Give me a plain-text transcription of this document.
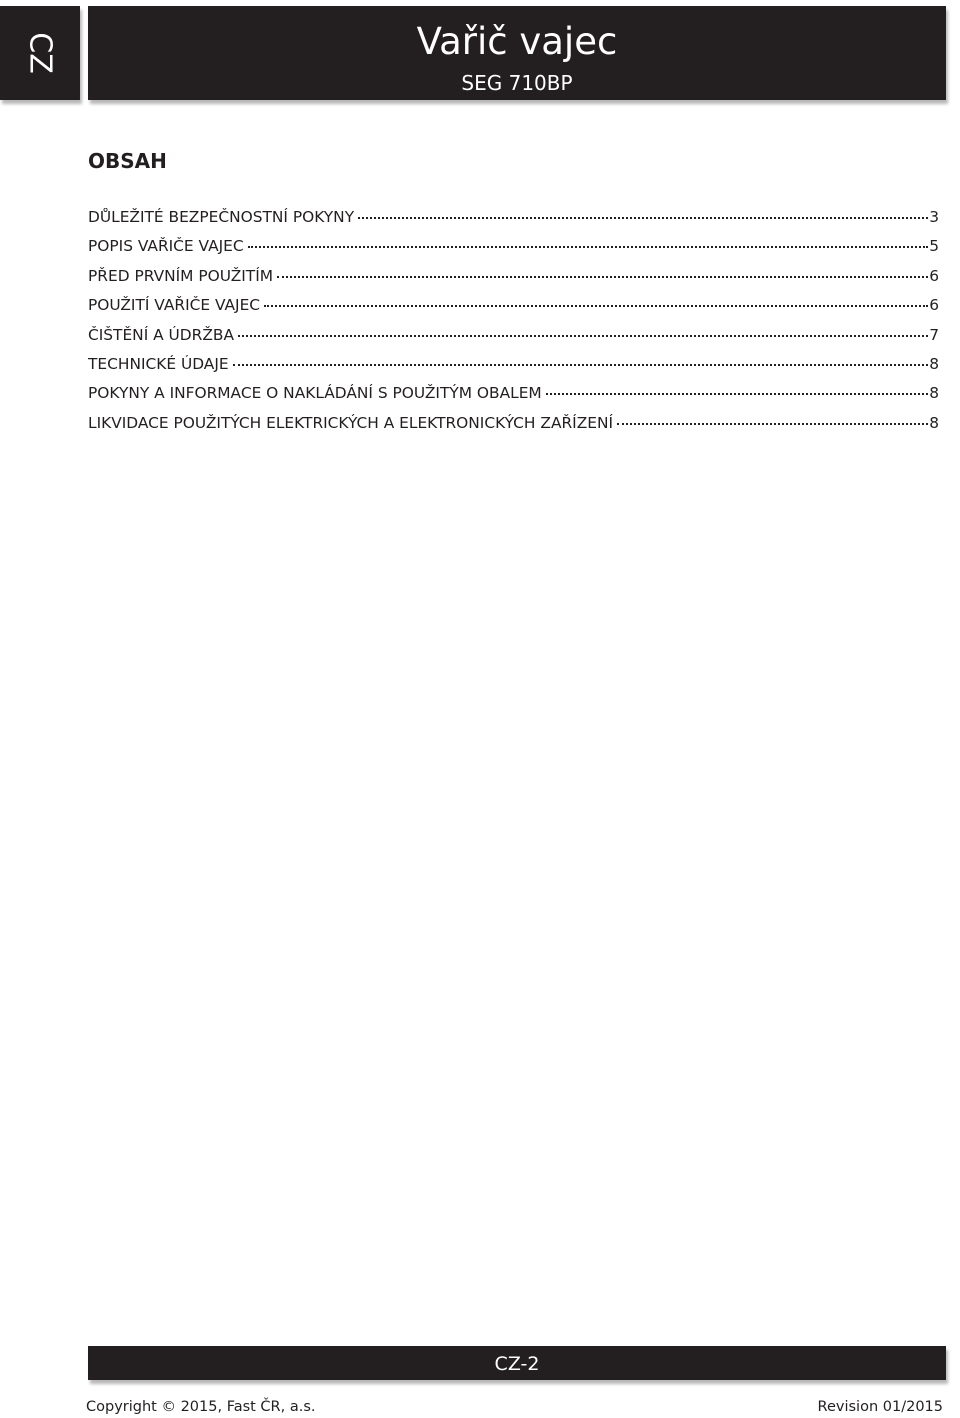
CZ	Vařič vajec
SEG 710BP
OBSAH
DŮLEŽITÉ BEZPEČNOSTNÍ POKYNY	3
POPIS VAŘIČE VAJEC	5
PŘED PRVNÍM POUŽITÍM	6
POUŽITÍ VAŘIČE VAJEC	6
ČIŠTĚNÍ A ÚDRŽBA	7
TECHNICKÉ ÚDAJE	8
POKYNY A INFORMACE O NAKLÁDÁNÍ S POUŽITÝM OBALEM	8
LIKVIDACE POUŽITÝCH ELEKTRICKÝCH A ELEKTRONICKÝCH ZAŘÍZENÍ	8
CZ-2
Copyright © 2015, Fast ČR, a.s.	Revision 01/2015
